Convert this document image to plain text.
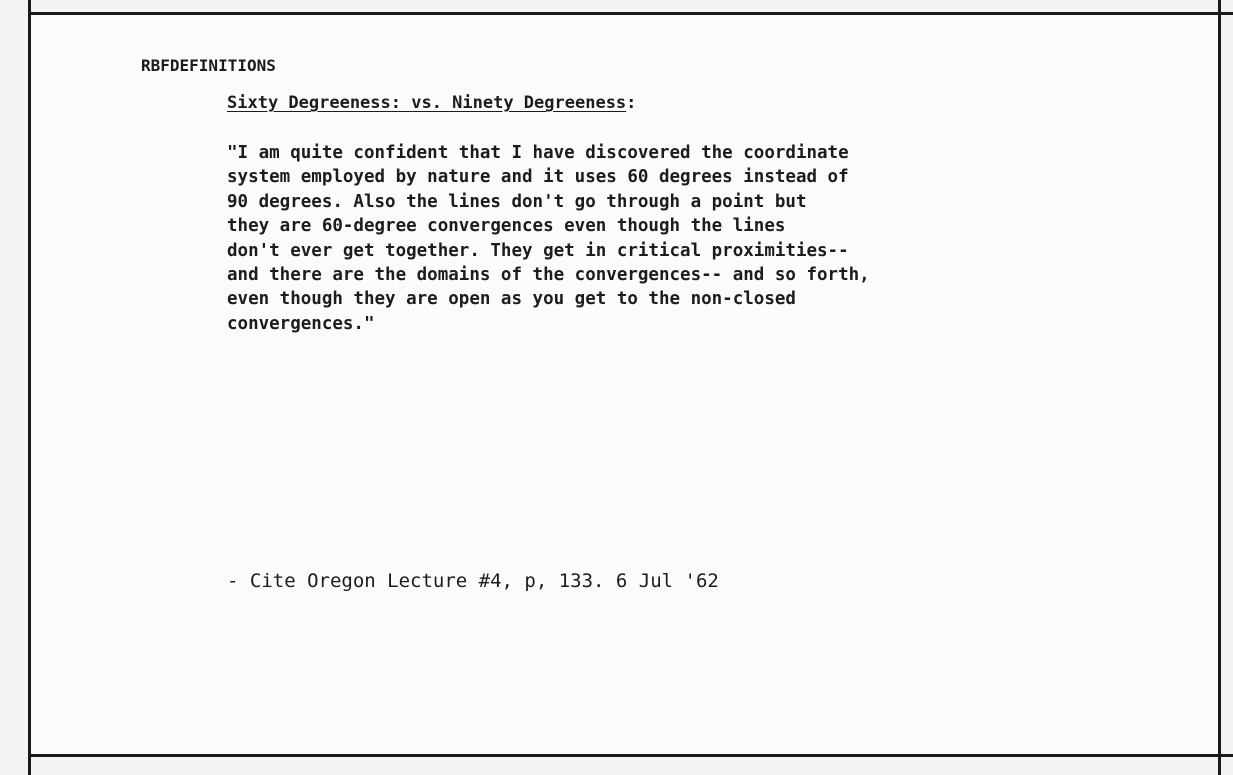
RBFDEFINITIONS
Sixty Degreeness: vs. Ninety Degreeness:
"I am quite confident that I have discovered the coordinate
system employed by nature and it uses 60 degrees instead of
90 degrees. Also the lines don't go through a point but
they are 60-degree convergences even though the lines
don't ever get together. They get in critical proximities--
and there are the domains of the convergences-- and so forth,
even though they are open as you get to the non-closed
convergences."
- Cite Oregon Lecture #4, p, 133. 6 Jul '62
